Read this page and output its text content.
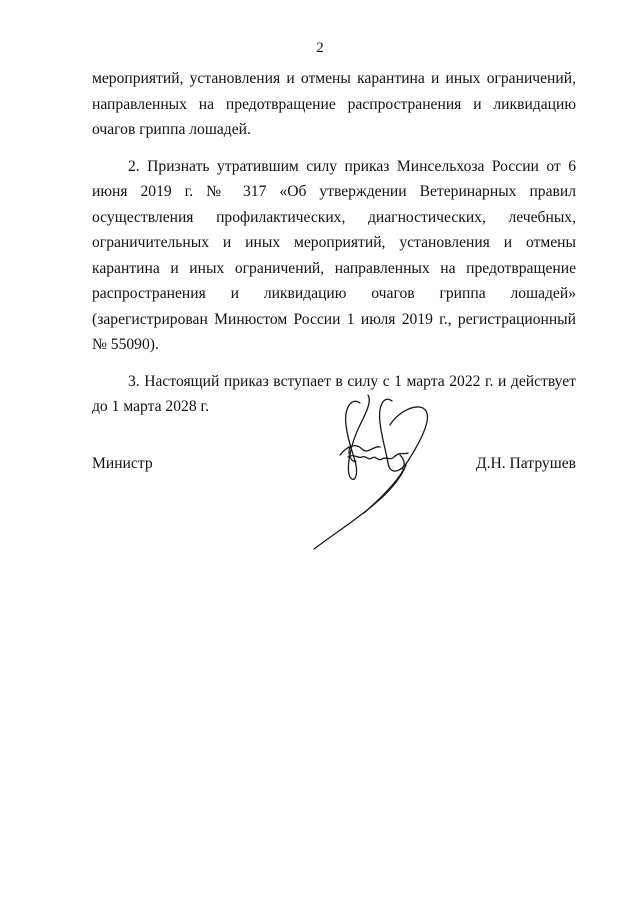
2

мероприятий, установления и отмены карантина и иных ограничений, направленных на предотвращение распространения и ликвидацию очагов гриппа лошадей.

2. Признать утратившим силу приказ Минсельхоза России от 6 июня 2019 г. № 317 «Об утверждении Ветеринарных правил осуществления профилактических, диагностических, лечебных, ограничительных и иных мероприятий, установления и отмены карантина и иных ограничений, направленных на предотвращение распространения и ликвидацию очагов гриппа лошадей» (зарегистрирован Минюстом России 1 июля 2019 г., регистрационный № 55090).

3. Настоящий приказ вступает в силу с 1 марта 2022 г. и действует до 1 марта 2028 г.

Министр	Д.Н. Патрушев
